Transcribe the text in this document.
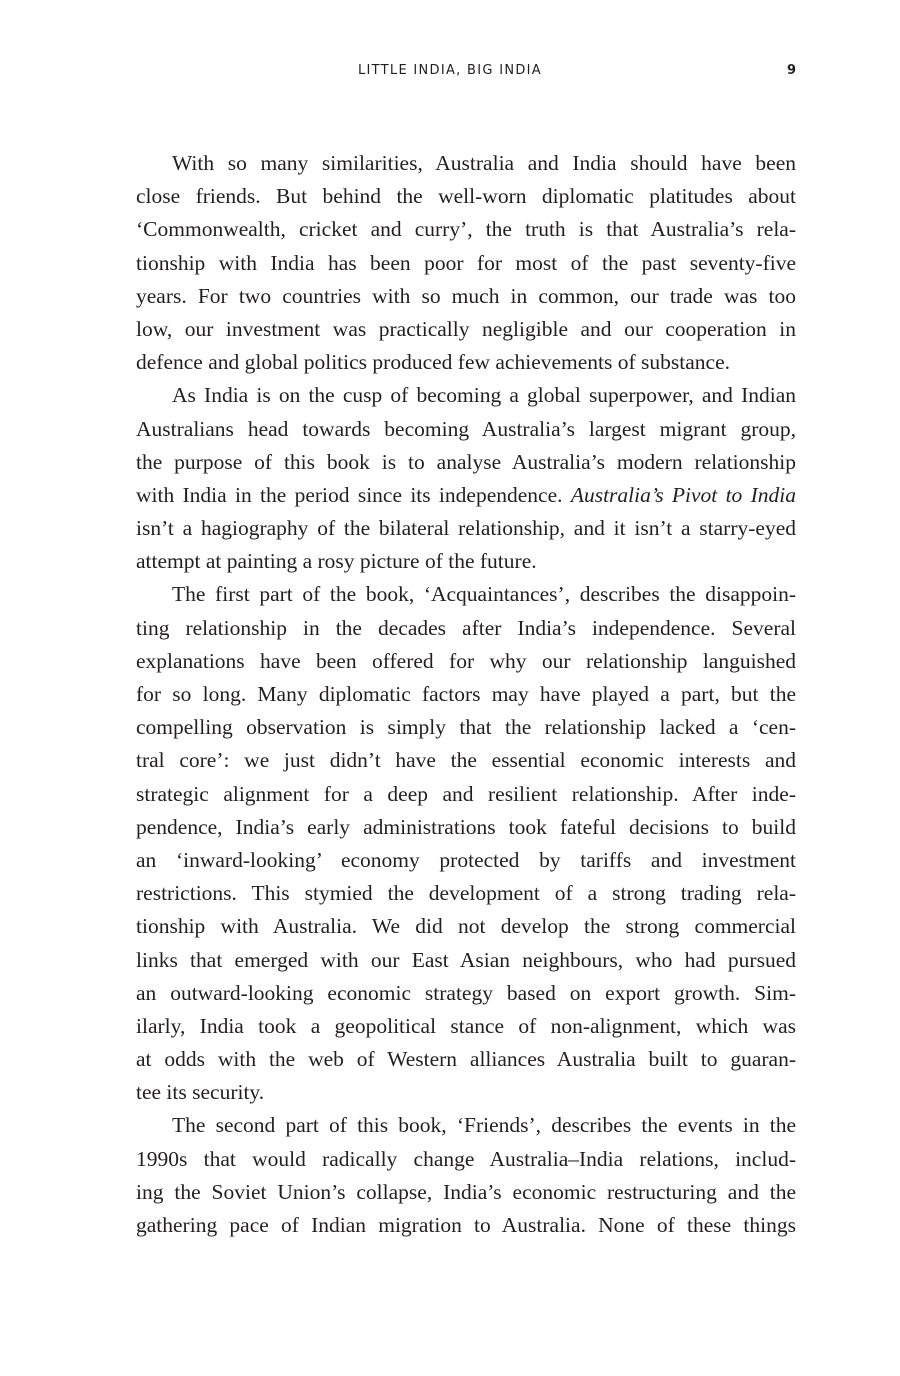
LITTLE INDIA, BIG INDIA	9
With so many similarities, Australia and India should have been
close friends. But behind the well-worn diplomatic platitudes about
‘Commonwealth, cricket and curry’, the truth is that Australia’s rela-
tionship with India has been poor for most of the past seventy-five
years. For two countries with so much in common, our trade was too
low, our investment was practically negligible and our cooperation in
defence and global politics produced few achievements of substance.
As India is on the cusp of becoming a global superpower, and Indian
Australians head towards becoming Australia’s largest migrant group,
the purpose of this book is to analyse Australia’s modern relationship
with India in the period since its independence. Australia’s Pivot to India
isn’t a hagiography of the bilateral relationship, and it isn’t a starry-eyed
attempt at painting a rosy picture of the future.
The first part of the book, ‘Acquaintances’, describes the disappoin-
ting relationship in the decades after India’s independence. Several
explanations have been offered for why our relationship languished
for so long. Many diplomatic factors may have played a part, but the
compelling observation is simply that the relationship lacked a ‘cen-
tral core’: we just didn’t have the essential economic interests and
strategic alignment for a deep and resilient relationship. After inde-
pendence, India’s early administrations took fateful decisions to build
an ‘inward-looking’ economy protected by tariffs and investment
restrictions. This stymied the development of a strong trading rela-
tionship with Australia. We did not develop the strong commercial
links that emerged with our East Asian neighbours, who had pursued
an outward-looking economic strategy based on export growth. Sim-
ilarly, India took a geopolitical stance of non-alignment, which was
at odds with the web of Western alliances Australia built to guaran-
tee its security.
The second part of this book, ‘Friends’, describes the events in the
1990s that would radically change Australia–India relations, includ-
ing the Soviet Union’s collapse, India’s economic restructuring and the
gathering pace of Indian migration to Australia. None of these things
